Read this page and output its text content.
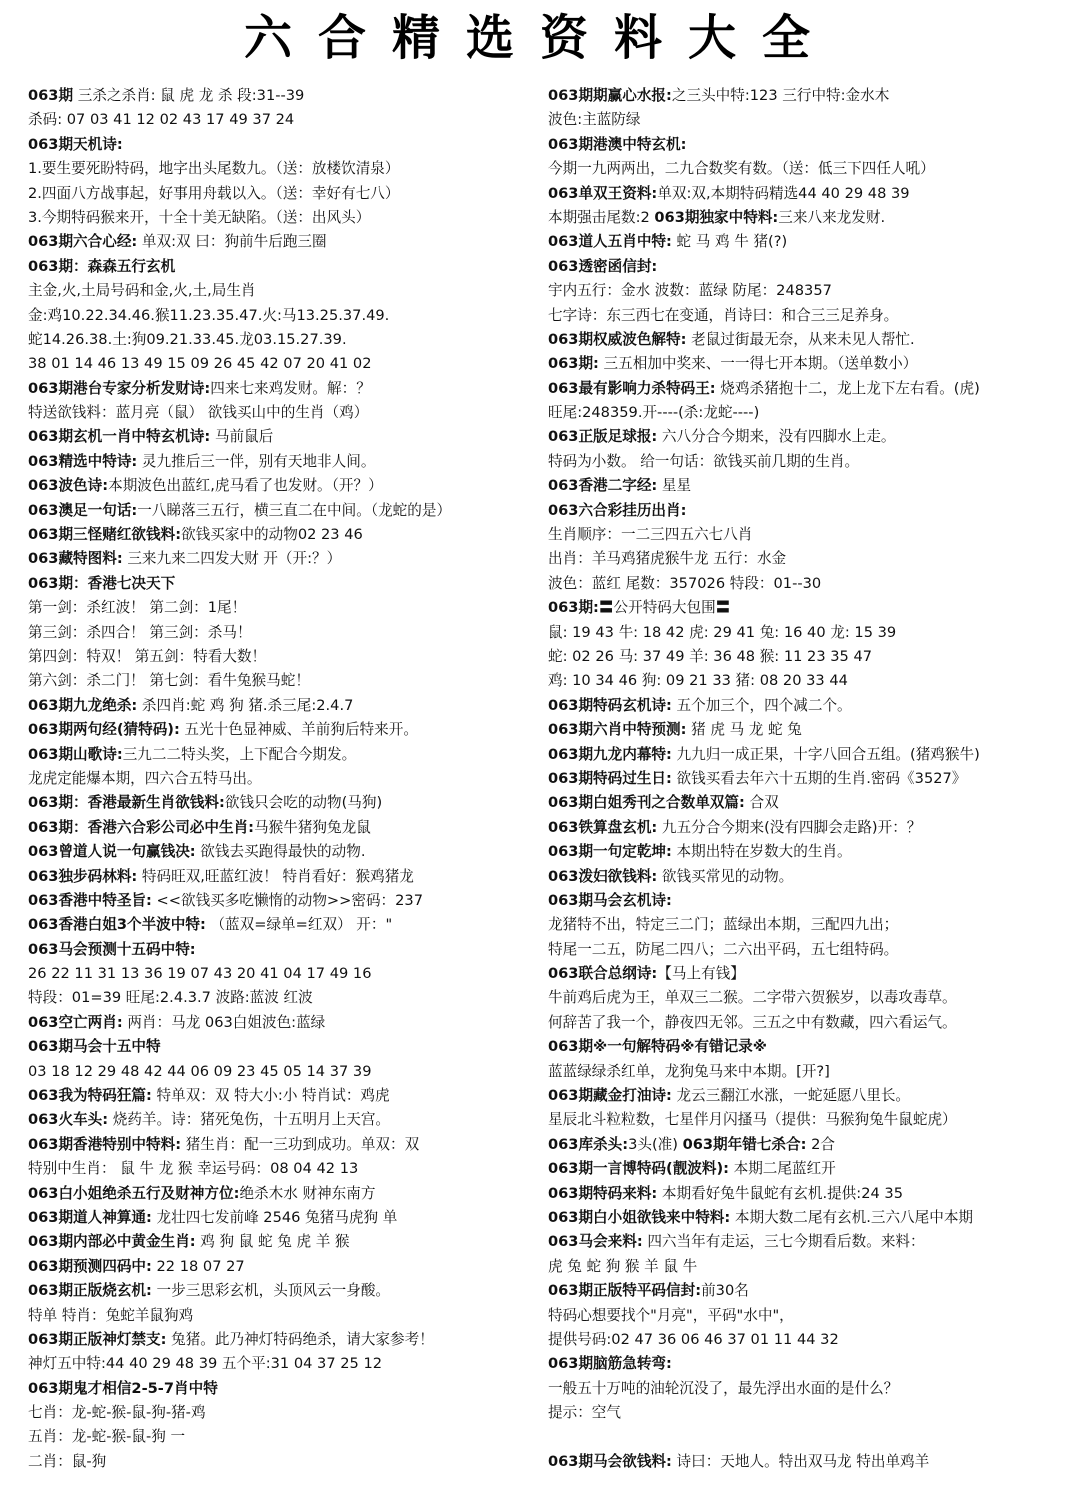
六合精选资料大全
063期 三杀之杀肖: 鼠 虎 龙 杀 段:31--39
杀码: 07 03 41 12 02 43 17 49 37 24
063期天机诗:
1.要生要死盼特码，地字出头尾数九。（送：放楼饮清泉）
2.四面八方战事起，好事用舟载以入。（送：幸好有七八）
3.今期特码猴来开，十全十美无缺陷。（送：出风头）
063期六合心经: 单双:双 曰：狗前牛后跑三圈
063期：森森五行玄机
主金,火,土局号码和金,火,土,局生肖
金:鸡10.22.34.46.猴11.23.35.47.火:马13.25.37.49.
蛇14.26.38.土:狗09.21.33.45.龙03.15.27.39.
38 01 14 46 13 49 15 09 26 45 42 07 20 41 02
063期港台专家分析发财诗:四来七来鸡发财。解：？
特送欲钱料：蓝月亮（鼠） 欲钱买山中的生肖（鸡）
063期玄机一肖中特玄机诗: 马前鼠后
063精选中特诗: 灵九推后三一伴，别有天地非人间。
063波色诗:本期波色出蓝红,虎马看了也发财。（开？）
063澳足一句话:一八睇落三五行，横三直二在中间。（龙蛇的是）
063期三怪赌红欲钱料:欲钱买家中的动物02 23 46
063藏特图料: 三来九来二四发大财 开（开:？）
063期：香港七决天下
第一剑：杀红波！ 第二剑：1尾！
第三剑：杀四合！ 第三剑：杀马！
第四剑：特双！ 第五剑：特看大数！
第六剑：杀二门！ 第七剑：看牛兔猴马蛇！
063期九龙绝杀: 杀四肖:蛇 鸡 狗 猪.杀三尾:2.4.7
063期两句经(猜特码): 五光十色显神威、羊前狗后特来开。
063期山歌诗:三九二二特头奖，上下配合今期发。
龙虎定能爆本期，四六合五特马出。
063期：香港最新生肖欲钱料:欲钱只会吃的动物(马狗)
063期：香港六合彩公司必中生肖:马猴牛猪狗兔龙鼠
063曾道人说一句赢钱决: 欲钱去买跑得最快的动物.
063独步码林料: 特码旺双,旺蓝红波！ 特肖看好：猴鸡猪龙
063香港中特圣旨: <<欲钱买多吃懒惰的动物>>密码：237
063香港白姐3个半波中特: （蓝双=绿单=红双） 开："
063马会预测十五码中特:
26 22 11 31 13 36 19 07 43 20 41 04 17 49 16
特段：01=39 旺尾:2.4.3.7 波路:蓝波 红波
063空亡两肖: 两肖：马龙 063白姐波色:蓝绿
063期马会十五中特
03 18 12 29 48 42 44 06 09 23 45 05 14 37 39
063我为特码狂篇: 特单双：双 特大小:小 特肖试：鸡虎
063火车头: 烧药羊。诗：猪死兔伤，十五明月上天宫。
063期香港特别中特料: 猪生肖：配一三功到成功。单双：双
特别中生肖： 鼠 牛 龙 猴 幸运号码：08 04 42 13
063白小姐绝杀五行及财神方位:绝杀木水 财神东南方
063期道人神算通: 龙壮四七发前峰 2546 兔猪马虎狗 单
063期内部必中黄金生肖: 鸡 狗 鼠 蛇 兔 虎 羊 猴
063期预测四码中: 22 18 07 27
063期正版烧玄机: 一步三思彩玄机，头顶风云一身酸。
特单 特肖：兔蛇羊鼠狗鸡
063期正版神灯禁支: 兔猪。此乃神灯特码绝杀，请大家参考！
神灯五中特:44 40 29 48 39 五个平:31 04 37 25 12
063期鬼才相信2-5-7肖中特
七肖：龙-蛇-猴-鼠-狗-猪-鸡
五肖：龙-蛇-猴-鼠-狗 一
二肖：鼠-狗
063期期赢心水报:之三头中特:123 三行中特:金水木
波色:主蓝防绿
063期港澳中特玄机:
今期一九两两出，二九合数奖有数。（送：低三下四任人吼）
063单双王资料:单双:双,本期特码精选44 40 29 48 39
本期强击尾数:2 063期独家中特料:三来八来龙发财.
063道人五肖中特: 蛇 马 鸡 牛 猪(?)
063透密函信封:
宇内五行：金水 波数：蓝绿 防尾：248357
七字诗：东三西七在变通，肖诗曰：和合三三足养身。
063期权威波色解特: 老鼠过街最无奈，从来未见人帮忙.
063期: 三五相加中奖来、一一得七开本期。（送单数小）
063最有影响力杀特码王: 烧鸡杀猪抱十二，龙上龙下左右看。(虎)
旺尾:248359.开----(杀:龙蛇----)
063正版足球报: 六八分合今期来，没有四脚水上走。
特码为小数。 给一句话：欲钱买前几期的生肖。
063香港二字经: 星星
063六合彩挂历出肖:
生肖顺序：一二三四五六七八肖
出肖：羊马鸡猪虎猴牛龙 五行：水金
波色：蓝红 尾数：357026 特段：01--30
063期:〓公开特码大包围〓
鼠: 19 43 牛: 18 42 虎: 29 41 兔: 16 40 龙: 15 39
蛇: 02 26 马: 37 49 羊: 36 48 猴: 11 23 35 47
鸡: 10 34 46 狗: 09 21 33 猪: 08 20 33 44
063期特码玄机诗: 五个加三个，四个减二个。
063期六肖中特预测: 猪 虎 马 龙 蛇 兔
063期九龙内幕特: 九九归一成正果，十字八回合五组。(猪鸡猴牛)
063期特码过生日: 欲钱买看去年六十五期的生肖.密码《3527》
063期白姐秀刊之合数单双篇: 合双
063铁算盘玄机: 九五分合今期来(没有四脚会走路)开：？
063期一句定乾坤: 本期出特在岁数大的生肖。
063泼妇欲钱料: 欲钱买常见的动物。
063期马会玄机诗:
龙猪特不出，特定三二门；蓝绿出本期，三配四九出；
特尾一二五，防尾二四八；二六出平码，五七组特码。
063联合总纲诗:【马上有钱】
牛前鸡后虎为王，单双三二猴。二字带六贺猴岁，以毒攻毒草。
何辞苦了我一个，静夜四无邻。三五之中有数藏，四六看运气。
063期※一句解特码※有错记录※
蓝蓝绿绿杀红单，龙狗兔马来中本期。[开?]
063期藏金打油诗: 龙云三翻江水涨，一蛇延愿八里长。
星辰北斗粒粒数，七星伴月闪搔马（提供：马猴狗兔牛鼠蛇虎）
063库杀头:3头(准) 063期年错七杀合: 2合
063期一言博特码(靓波料): 本期二尾蓝红开
063期特码来料: 本期看好兔牛鼠蛇有玄机.提供:24 35
063期白小姐欲钱来中特料: 本期大数二尾有玄机.三六八尾中本期
063马会来料: 四六当年有走运，三七今期看后数。来料：
虎 兔 蛇 狗 猴 羊 鼠 牛
063期正版特平码信封:前30名
特码心想要找个"月亮"，平码"水中"，
提供号码:02 47 36 06 46 37 01 11 44 32
063期脑筋急转弯:
一般五十万吨的油轮沉没了，最先浮出水面的是什么？
提示：空气
063期马会欲钱料: 诗曰：天地人。特出双马龙 特出单鸡羊
